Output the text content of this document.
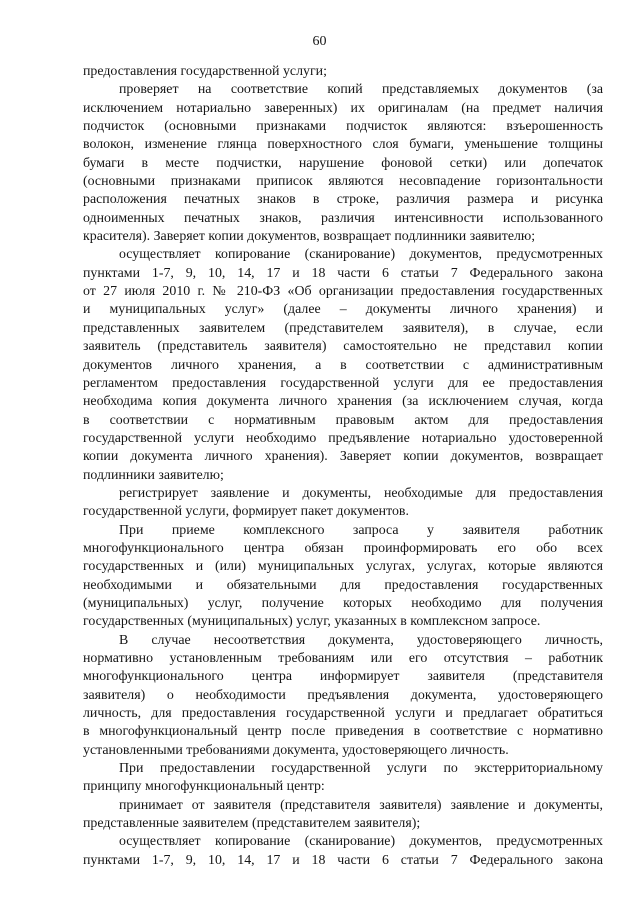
60
предоставления государственной услуги;
проверяет на соответствие копий представляемых документов (за
исключением нотариально заверенных) их оригиналам (на предмет наличия
подчисток (основными признаками подчисток являются: взъерошенность
волокон, изменение глянца поверхностного слоя бумаги, уменьшение толщины
бумаги в месте подчистки, нарушение фоновой сетки) или допечаток
(основными признаками приписок являются несовпадение горизонтальности
расположения печатных знаков в строке, различия размера и рисунка
одноименных печатных знаков, различия интенсивности использованного
красителя). Заверяет копии документов, возвращает подлинники заявителю;
осуществляет копирование (сканирование) документов, предусмотренных
пунктами 1-7, 9, 10, 14, 17 и 18 части 6 статьи 7 Федерального закона
от 27 июля 2010 г. № 210-ФЗ «Об организации предоставления государственных
и муниципальных услуг» (далее – документы личного хранения) и
представленных заявителем (представителем заявителя), в случае, если
заявитель (представитель заявителя) самостоятельно не представил копии
документов личного хранения, а в соответствии с административным
регламентом предоставления государственной услуги для ее предоставления
необходима копия документа личного хранения (за исключением случая, когда
в соответствии с нормативным правовым актом для предоставления
государственной услуги необходимо предъявление нотариально удостоверенной
копии документа личного хранения). Заверяет копии документов, возвращает
подлинники заявителю;
регистрирует заявление и документы, необходимые для предоставления
государственной услуги, формирует пакет документов.
При приеме комплексного запроса у заявителя работник
многофункционального центра обязан проинформировать его обо всех
государственных и (или) муниципальных услугах, услугах, которые являются
необходимыми и обязательными для предоставления государственных
(муниципальных) услуг, получение которых необходимо для получения
государственных (муниципальных) услуг, указанных в комплексном запросе.
В случае несоответствия документа, удостоверяющего личность,
нормативно установленным требованиям или его отсутствия – работник
многофункционального центра информирует заявителя (представителя
заявителя) о необходимости предъявления документа, удостоверяющего
личность, для предоставления государственной услуги и предлагает обратиться
в многофункциональный центр после приведения в соответствие с нормативно
установленными требованиями документа, удостоверяющего личность.
При предоставлении государственной услуги по экстерриториальному
принципу многофункциональный центр:
принимает от заявителя (представителя заявителя) заявление и документы,
представленные заявителем (представителем заявителя);
осуществляет копирование (сканирование) документов, предусмотренных
пунктами 1-7, 9, 10, 14, 17 и 18 части 6 статьи 7 Федерального закона
